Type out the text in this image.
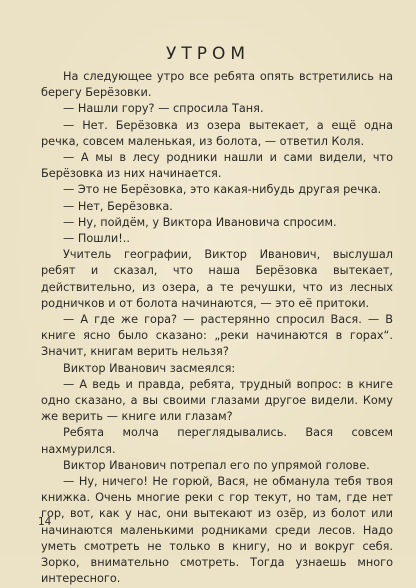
УТРОМ

На следующее утро все ребята опять встретились на берегу Берёзовки.

— Нашли гору? — спросила Таня.

— Нет. Берёзовка из озера вытекает, а ещё одна речка, совсем маленькая, из болота, — ответил Коля.

— А мы в лесу родники нашли и сами видели, что Берёзовка из них начинается.

— Это не Берёзовка, это какая-нибудь другая речка.

— Нет, Берёзовка.

— Ну, пойдём, у Виктора Ивановича спросим.

— Пошли!..

Учитель географии, Виктор Иванович, выслушал ребят и сказал, что наша Берёзовка вытекает, действительно, из озера, а те речушки, что из лесных родничков и от болота начинаются, — это её притоки.

— А где же гора? — растерянно спросил Вася. — В книге ясно было сказано: „реки начинаются в горах“. Значит, книгам верить нельзя?

Виктор Иванович засмеялся:

— А ведь и правда, ребята, трудный вопрос: в книге одно сказано, а вы своими глазами другое видели. Кому же верить — книге или глазам?

Ребята молча переглядывались. Вася совсем нахмурился.

Виктор Иванович потрепал его по упрямой голове.

— Ну, ничего! Не горюй, Вася, не обманула тебя твоя книжка. Очень многие реки с гор текут, но там, где нет гор, вот, как у нас, они вытекают из озёр, из болот или начинаются маленькими родниками среди лесов. Надо уметь смотреть не только в книгу, но и вокруг себя. Зорко, внимательно смотреть. Тогда узнаешь много интересного.

14
